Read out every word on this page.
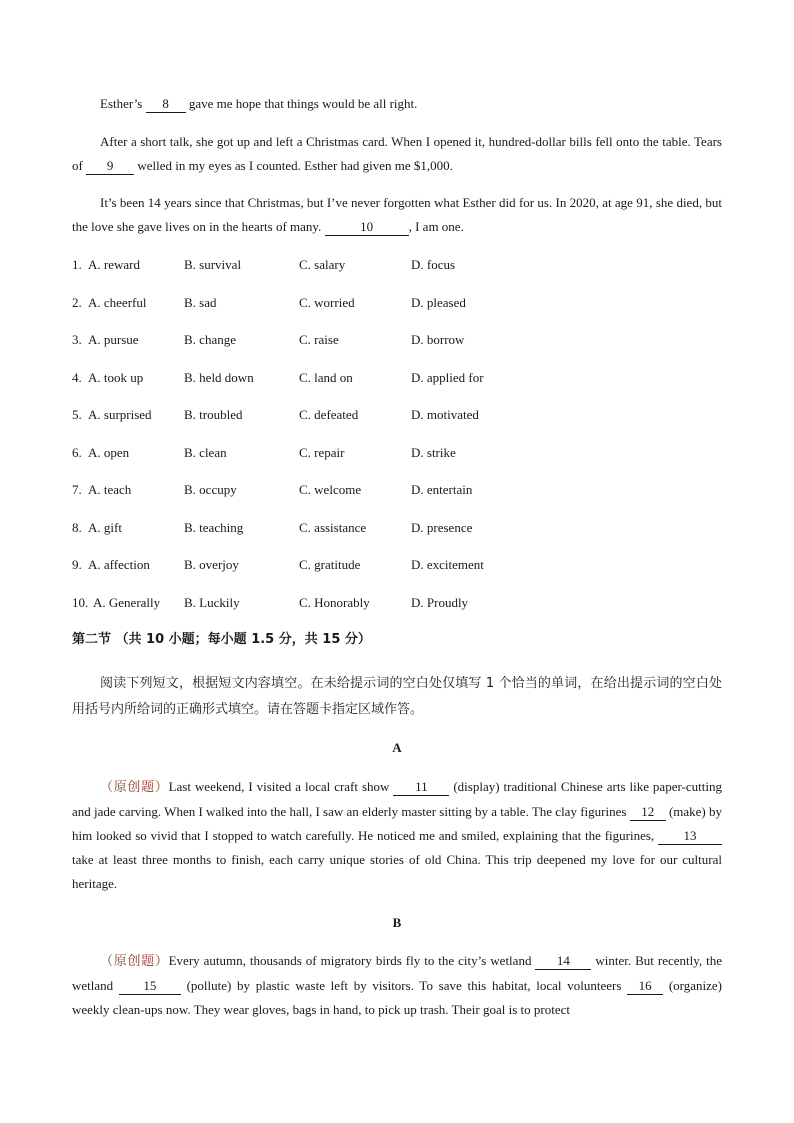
Esther’s 8 gave me hope that things would be all right.
After a short talk, she got up and left a Christmas card. When I opened it, hundred-dollar bills fell onto the table. Tears of 9 welled in my eyes as I counted. Esther had given me $1,000.
It’s been 14 years since that Christmas, but I’ve never forgotten what Esther did for us. In 2020, at age 91, she died, but the love she gave lives on in the hearts of many.	10	, I am one.
1. A. reward	B. survival	C. salary	D. focus
2. A. cheerful	B. sad	C. worried	D. pleased
3. A. pursue	B. change	C. raise	D. borrow
4. A. took up	B. held down	C. land on	D. applied for
5. A. surprised B. troubled	C. defeated	D. motivated
6. A. open	B. clean	C. repair	D. strike
7. A. teach	B. occupy	C. welcome	D. entertain
8. A. gift	B. teaching	C. assistance	D. presence
9. A. affection	B. overjoy	C. gratitude	D. excitement
10. A. Generally B. Luckily	C. Honorably	D. Proudly
第二节 （共 10 小题；每小题 1.5 分，共 15 分）
阅读下列短文，根据短文内容填空。在未给提示词的空白处仅填写 1 个恰当的单词，在给出提示词的空白处用括号内所给词的正确形式填空。请在答题卡指定区域作答。
A
（原创题）Last weekend, I visited a local craft show 11 (display) traditional Chinese arts like paper-cutting and jade carving. When I walked into the hall, I saw an elderly master sitting by a table. The clay figurines 12 (make) by him looked so vivid that I stopped to watch carefully. He noticed me and smiled, explaining that the figurines, 13 take at least three months to finish, each carry unique stories of old China. This trip deepened my love for our cultural heritage.
B
（原创题）Every autumn, thousands of migratory birds fly to the city’s wetland 14 winter. But recently, the wetland 15 (pollute) by plastic waste left by visitors. To save this habitat, local volunteers 16 (organize) weekly clean-ups now. They wear gloves, bags in hand, to pick up trash. Their goal is to protect
